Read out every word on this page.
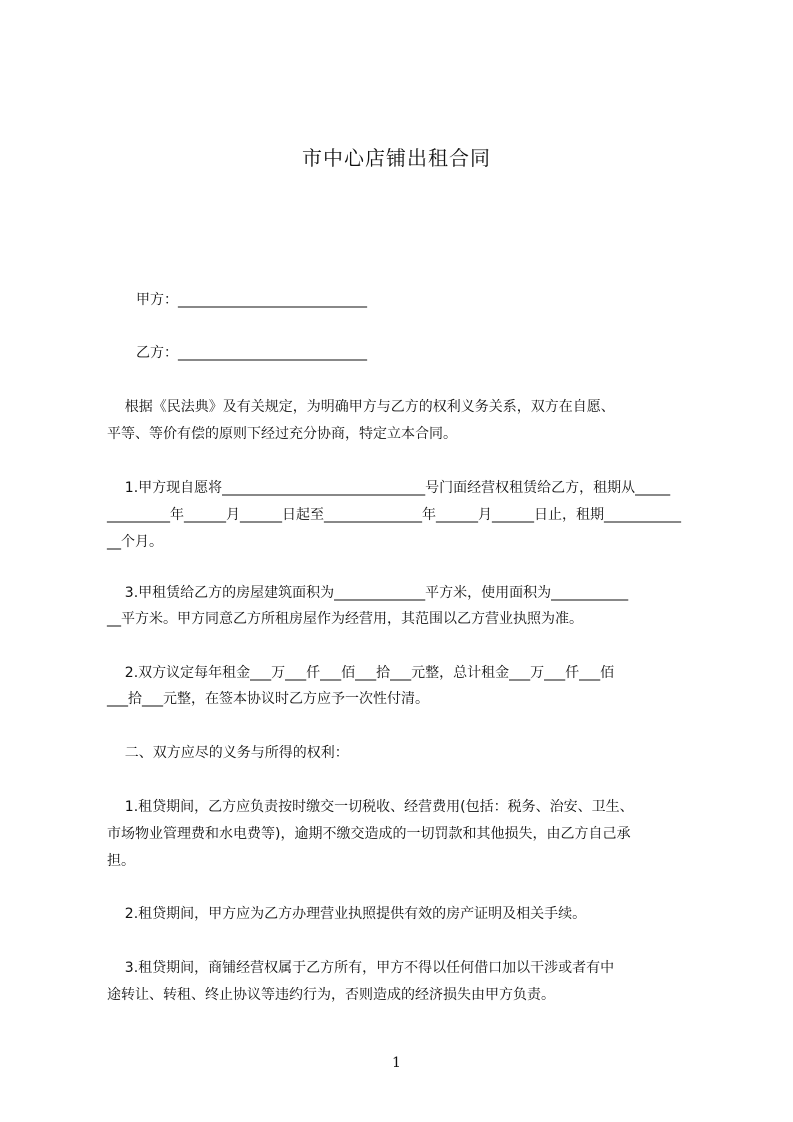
市中心店铺出租合同
甲方：___________________________
乙方：___________________________
根据《民法典》及有关规定，为明确甲方与乙方的权利义务关系，双方在自愿、
平等、等价有偿的原则下经过充分协商，特定立本合同。
1.甲方现自愿将_____________________________号门面经营权租赁给乙方，租期从_____
_________年______月______日起至______________年______月______日止，租期___________
__个月。
3.甲租赁给乙方的房屋建筑面积为_____________平方米，使用面积为___________
__平方米。甲方同意乙方所租房屋作为经营用，其范围以乙方营业执照为准。
2.双方议定每年租金___万___仟___佰___拾___元整，总计租金___万___仟___佰
___拾___元整，在签本协议时乙方应予一次性付清。
二、双方应尽的义务与所得的权利：
1.租贷期间，乙方应负责按时缴交一切税收、经营费用(包括：税务、治安、卫生、
市场物业管理费和水电费等)，逾期不缴交造成的一切罚款和其他损失，由乙方自己承
担。
2.租贷期间，甲方应为乙方办理营业执照提供有效的房产证明及相关手续。
3.租贷期间，商铺经营权属于乙方所有，甲方不得以任何借口加以干涉或者有中
途转让、转租、终止协议等违约行为，否则造成的经济损失由甲方负责。
1
